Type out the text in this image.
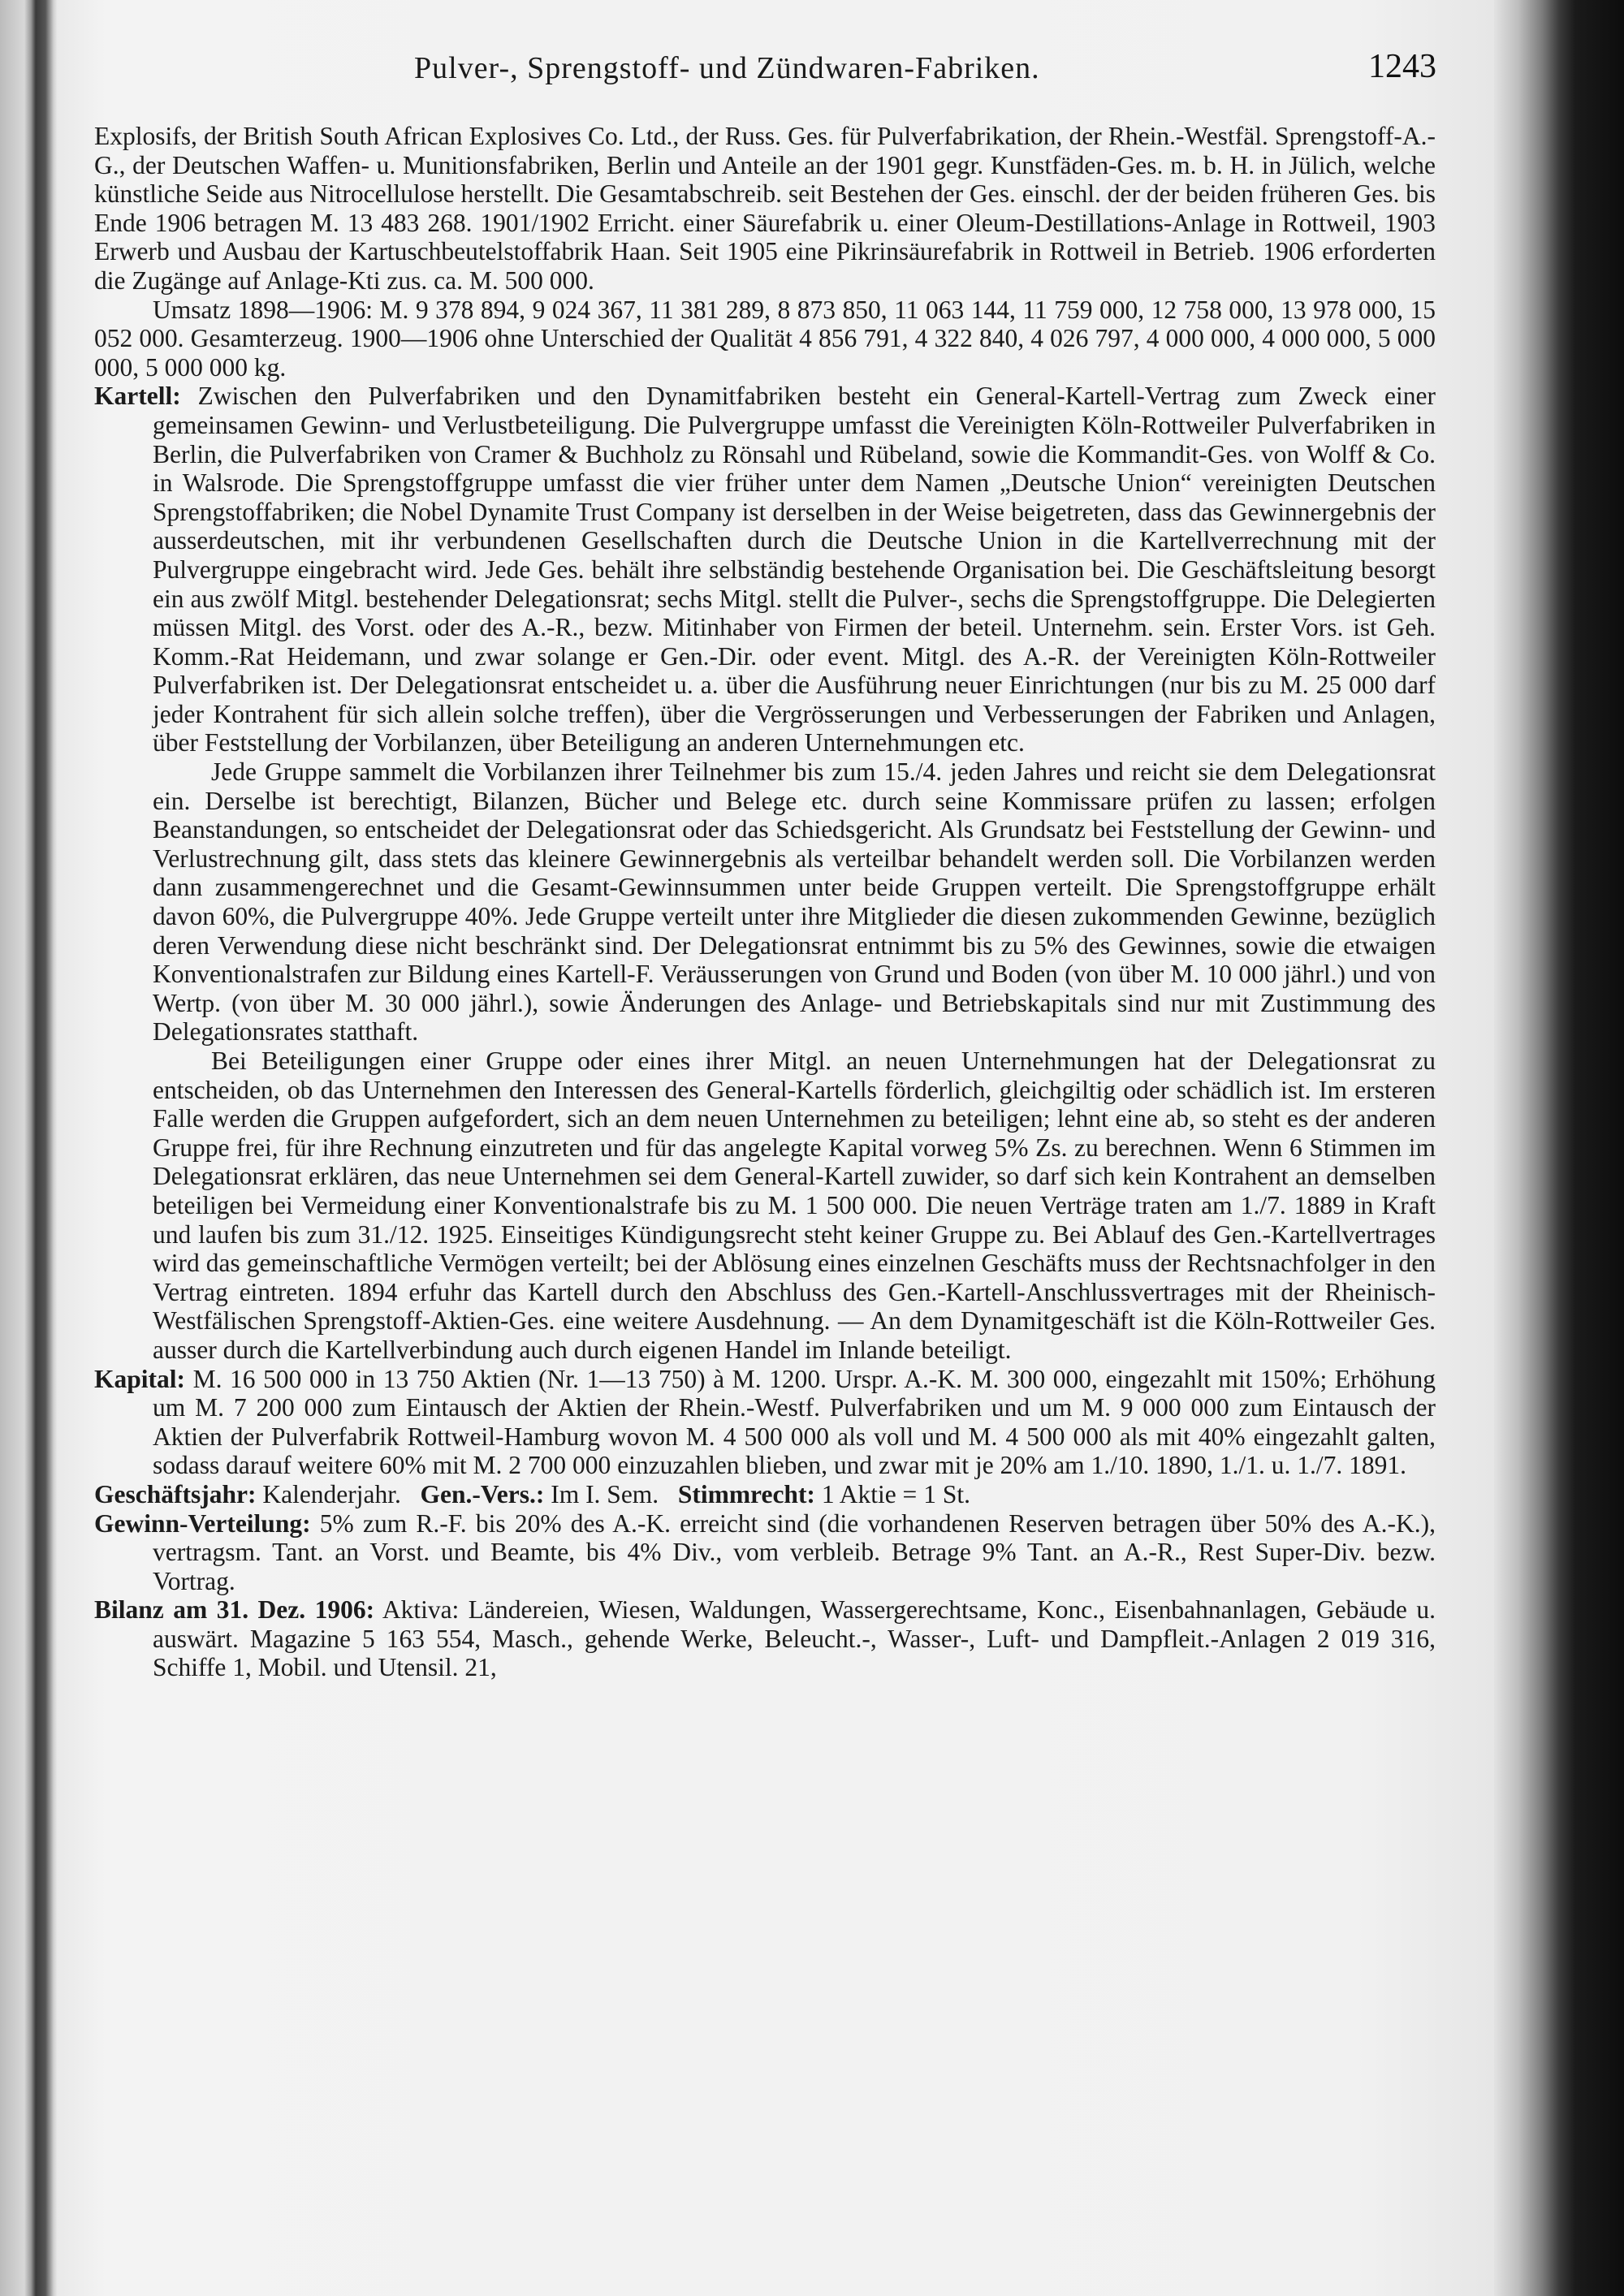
Pulver-, Sprengstoff- und Zündwaren-Fabriken.	1243

Explosifs, der British South African Explosives Co. Ltd., der Russ. Ges. für Pulverfabrikation, der Rhein.-Westfäl. Sprengstoff-A.-G., der Deutschen Waffen- u. Munitionsfabriken, Berlin und Anteile an der 1901 gegr. Kunstfäden-Ges. m. b. H. in Jülich, welche künstliche Seide aus Nitrocellulose herstellt. Die Gesamtabschreib. seit Bestehen der Ges. einschl. der der beiden früheren Ges. bis Ende 1906 betragen M. 13 483 268. 1901/1902 Erricht. einer Säurefabrik u. einer Oleum-Destillations-Anlage in Rottweil, 1903 Erwerb und Ausbau der Kartuschbeutelstoffabrik Haan. Seit 1905 eine Pikrinsäurefabrik in Rottweil in Betrieb. 1906 erforderten die Zugänge auf Anlage-Kti zus. ca. M. 500 000.

Umsatz 1898—1906: M. 9 378 894, 9 024 367, 11 381 289, 8 873 850, 11 063 144, 11 759 000, 12 758 000, 13 978 000, 15 052 000. Gesamterzeug. 1900—1906 ohne Unterschied der Qualität 4 856 791, 4 322 840, 4 026 797, 4 000 000, 4 000 000, 5 000 000, 5 000 000 kg.

Kartell: Zwischen den Pulverfabriken und den Dynamitfabriken besteht ein General-Kartell-Vertrag zum Zweck einer gemeinsamen Gewinn- und Verlustbeteiligung. Die Pulvergruppe umfasst die Vereinigten Köln-Rottweiler Pulverfabriken in Berlin, die Pulverfabriken von Cramer & Buchholz zu Rönsahl und Rübeland, sowie die Kommandit-Ges. von Wolff & Co. in Walsrode. Die Sprengstoffgruppe umfasst die vier früher unter dem Namen „Deutsche Union“ vereinigten Deutschen Sprengstoffabriken; die Nobel Dynamite Trust Company ist derselben in der Weise beigetreten, dass das Gewinnergebnis der ausserdeutschen, mit ihr verbundenen Gesellschaften durch die Deutsche Union in die Kartellverrechnung mit der Pulvergruppe eingebracht wird. Jede Ges. behält ihre selbständig bestehende Organisation bei. Die Geschäftsleitung besorgt ein aus zwölf Mitgl. bestehender Delegationsrat; sechs Mitgl. stellt die Pulver-, sechs die Sprengstoffgruppe. Die Delegierten müssen Mitgl. des Vorst. oder des A.-R., bezw. Mitinhaber von Firmen der beteil. Unternehm. sein. Erster Vors. ist Geh. Komm.-Rat Heidemann, und zwar solange er Gen.-Dir. oder event. Mitgl. des A.-R. der Vereinigten Köln-Rottweiler Pulverfabriken ist. Der Delegationsrat entscheidet u. a. über die Ausführung neuer Einrichtungen (nur bis zu M. 25 000 darf jeder Kontrahent für sich allein solche treffen), über die Vergrösserungen und Verbesserungen der Fabriken und Anlagen, über Feststellung der Vorbilanzen, über Beteiligung an anderen Unternehmungen etc.

Jede Gruppe sammelt die Vorbilanzen ihrer Teilnehmer bis zum 15./4. jeden Jahres und reicht sie dem Delegationsrat ein. Derselbe ist berechtigt, Bilanzen, Bücher und Belege etc. durch seine Kommissare prüfen zu lassen; erfolgen Beanstandungen, so entscheidet der Delegationsrat oder das Schiedsgericht. Als Grundsatz bei Feststellung der Gewinn- und Verlustrechnung gilt, dass stets das kleinere Gewinnergebnis als verteilbar behandelt werden soll. Die Vorbilanzen werden dann zusammengerechnet und die Gesamt-Gewinnsummen unter beide Gruppen verteilt. Die Sprengstoffgruppe erhält davon 60%, die Pulvergruppe 40%. Jede Gruppe verteilt unter ihre Mitglieder die diesen zukommenden Gewinne, bezüglich deren Verwendung diese nicht beschränkt sind. Der Delegationsrat entnimmt bis zu 5% des Gewinnes, sowie die etwaigen Konventionalstrafen zur Bildung eines Kartell-F. Veräusserungen von Grund und Boden (von über M. 10 000 jährl.) und von Wertp. (von über M. 30 000 jährl.), sowie Änderungen des Anlage- und Betriebskapitals sind nur mit Zustimmung des Delegationsrates statthaft.

Bei Beteiligungen einer Gruppe oder eines ihrer Mitgl. an neuen Unternehmungen hat der Delegationsrat zu entscheiden, ob das Unternehmen den Interessen des General-Kartells förderlich, gleichgiltig oder schädlich ist. Im ersteren Falle werden die Gruppen aufgefordert, sich an dem neuen Unternehmen zu beteiligen; lehnt eine ab, so steht es der anderen Gruppe frei, für ihre Rechnung einzutreten und für das angelegte Kapital vorweg 5% Zs. zu berechnen. Wenn 6 Stimmen im Delegationsrat erklären, das neue Unternehmen sei dem General-Kartell zuwider, so darf sich kein Kontrahent an demselben beteiligen bei Vermeidung einer Konventionalstrafe bis zu M. 1 500 000. Die neuen Verträge traten am 1./7. 1889 in Kraft und laufen bis zum 31./12. 1925. Einseitiges Kündigungsrecht steht keiner Gruppe zu. Bei Ablauf des Gen.-Kartellvertrages wird das gemeinschaftliche Vermögen verteilt; bei der Ablösung eines einzelnen Geschäfts muss der Rechtsnachfolger in den Vertrag eintreten. 1894 erfuhr das Kartell durch den Abschluss des Gen.-Kartell-Anschlussvertrages mit der Rheinisch-Westfälischen Sprengstoff-Aktien-Ges. eine weitere Ausdehnung. — An dem Dynamitgeschäft ist die Köln-Rottweiler Ges. ausser durch die Kartellverbindung auch durch eigenen Handel im Inlande beteiligt.

Kapital: M. 16 500 000 in 13 750 Aktien (Nr. 1—13 750) à M. 1200. Urspr. A.-K. M. 300 000, eingezahlt mit 150%; Erhöhung um M. 7 200 000 zum Eintausch der Aktien der Rhein.-Westf. Pulverfabriken und um M. 9 000 000 zum Eintausch der Aktien der Pulverfabrik Rottweil-Hamburg wovon M. 4 500 000 als voll und M. 4 500 000 als mit 40% eingezahlt galten, sodass darauf weitere 60% mit M. 2 700 000 einzuzahlen blieben, und zwar mit je 20% am 1./10. 1890, 1./1. u. 1./7. 1891.

Geschäftsjahr: Kalenderjahr. Gen.-Vers.: Im I. Sem. Stimmrecht: 1 Aktie = 1 St.

Gewinn-Verteilung: 5% zum R.-F. bis 20% des A.-K. erreicht sind (die vorhandenen Reserven betragen über 50% des A.-K.), vertragsm. Tant. an Vorst. und Beamte, bis 4% Div., vom verbleib. Betrage 9% Tant. an A.-R., Rest Super-Div. bezw. Vortrag.

Bilanz am 31. Dez. 1906: Aktiva: Ländereien, Wiesen, Waldungen, Wassergerechtsame, Konc., Eisenbahnanlagen, Gebäude u. auswärt. Magazine 5 163 554, Masch., gehende Werke, Beleucht.-, Wasser-, Luft- und Dampfleit.-Anlagen 2 019 316, Schiffe 1, Mobil. und Utensil. 21,
